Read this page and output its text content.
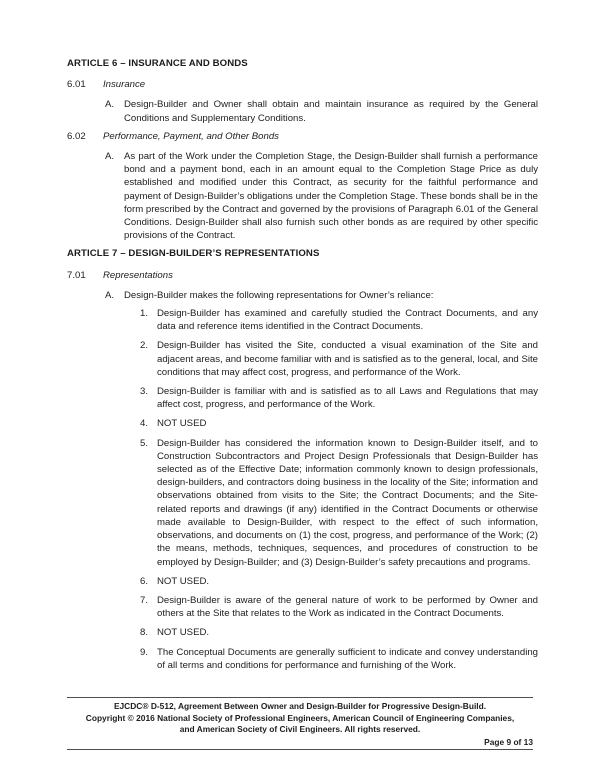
ARTICLE 6 – INSURANCE AND BONDS
6.01	Insurance
A.	Design-Builder and Owner shall obtain and maintain insurance as required by the General Conditions and Supplementary Conditions.
6.02	Performance, Payment, and Other Bonds
A.	As part of the Work under the Completion Stage, the Design-Builder shall furnish a performance bond and a payment bond, each in an amount equal to the Completion Stage Price as duly established and modified under this Contract, as security for the faithful performance and payment of Design-Builder’s obligations under the Completion Stage. These bonds shall be in the form prescribed by the Contract and governed by the provisions of Paragraph 6.01 of the General Conditions. Design-Builder shall also furnish such other bonds as are required by other specific provisions of the Contract.
ARTICLE 7 – DESIGN-BUILDER’S REPRESENTATIONS
7.01	Representations
A.	Design-Builder makes the following representations for Owner’s reliance:
1. Design-Builder has examined and carefully studied the Contract Documents, and any data and reference items identified in the Contract Documents.
2. Design-Builder has visited the Site, conducted a visual examination of the Site and adjacent areas, and become familiar with and is satisfied as to the general, local, and Site conditions that may affect cost, progress, and performance of the Work.
3. Design-Builder is familiar with and is satisfied as to all Laws and Regulations that may affect cost, progress, and performance of the Work.
4. NOT USED
5. Design-Builder has considered the information known to Design-Builder itself, and to Construction Subcontractors and Project Design Professionals that Design-Builder has selected as of the Effective Date; information commonly known to design professionals, design-builders, and contractors doing business in the locality of the Site; information and observations obtained from visits to the Site; the Contract Documents; and the Site-related reports and drawings (if any) identified in the Contract Documents or otherwise made available to Design-Builder, with respect to the effect of such information, observations, and documents on (1) the cost, progress, and performance of the Work; (2) the means, methods, techniques, sequences, and procedures of construction to be employed by Design-Builder; and (3) Design-Builder’s safety precautions and programs.
6. NOT USED.
7. Design-Builder is aware of the general nature of work to be performed by Owner and others at the Site that relates to the Work as indicated in the Contract Documents.
8. NOT USED.
9. The Conceptual Documents are generally sufficient to indicate and convey understanding of all terms and conditions for performance and furnishing of the Work.
EJCDC® D-512, Agreement Between Owner and Design-Builder for Progressive Design-Build.
Copyright © 2016 National Society of Professional Engineers, American Council of Engineering Companies,
and American Society of Civil Engineers. All rights reserved.
Page 9 of 13
